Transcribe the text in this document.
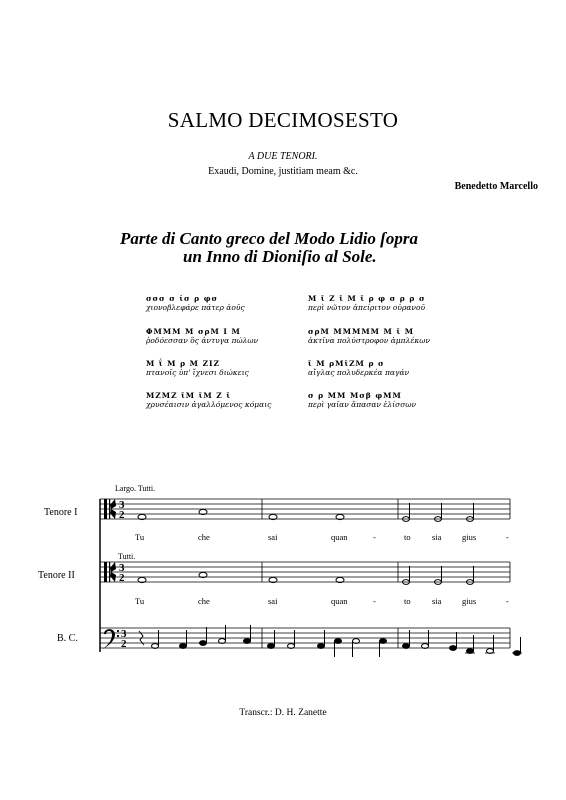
SALMO DECIMOSESTO
A DUE TENORI.
Exaudi, Domine, justitiam meam &c.
Benedetto Marcello
Parte di Canto greco del Modo Lidio ſopra
un Inno di Dioniſio al Sole.
σσσ σ ι̇σ ρ φσ
χιονοβλεφάρε πάτερ ἀοῦς
ΦΜΜΜ Μ σρΜ Ι Μ
ῥοδόεσσαν ὃς ἀντυγα πώλων
Μ ΐ Μ ρ Μ ΖΙΖ
πτανοῖς ὑπ' ἴχνεσι διώκεις
ΜΖΜΖ ῑΜ ῑΜ Ζ ῑ
χρυσέαισιν ἀγαλλόμενος κόμαις
Μ ῑ Ζ ῑ Μ ῑ ρ φ σ ρ ρ σ
περὶ νῶτον ἀπείριτον οὐρανοῦ
σρΜ ΜΜΜΜΜ Μ ῑ Μ
ἀκτῖνα πολύστροφον ἀμπλέκων
ῑ Μ ρΜῑΖΜ ρ σ
αἴγλας πολυδερκέα παγάν
σ ρ ΜΜ Μσβ φΜΜ
περὶ γαῖαν ἅπασαν ἑλίσσων
Largo. Tutti.
Tutti.
Tenore I
Tenore II
B. C.
3
2
3
2
3
2
Tu	che	sai	quan	-	to	sia gius	-
Tu	che	sai	quan	-	to	sia gius	-
Transcr.: D. H. Zanette
